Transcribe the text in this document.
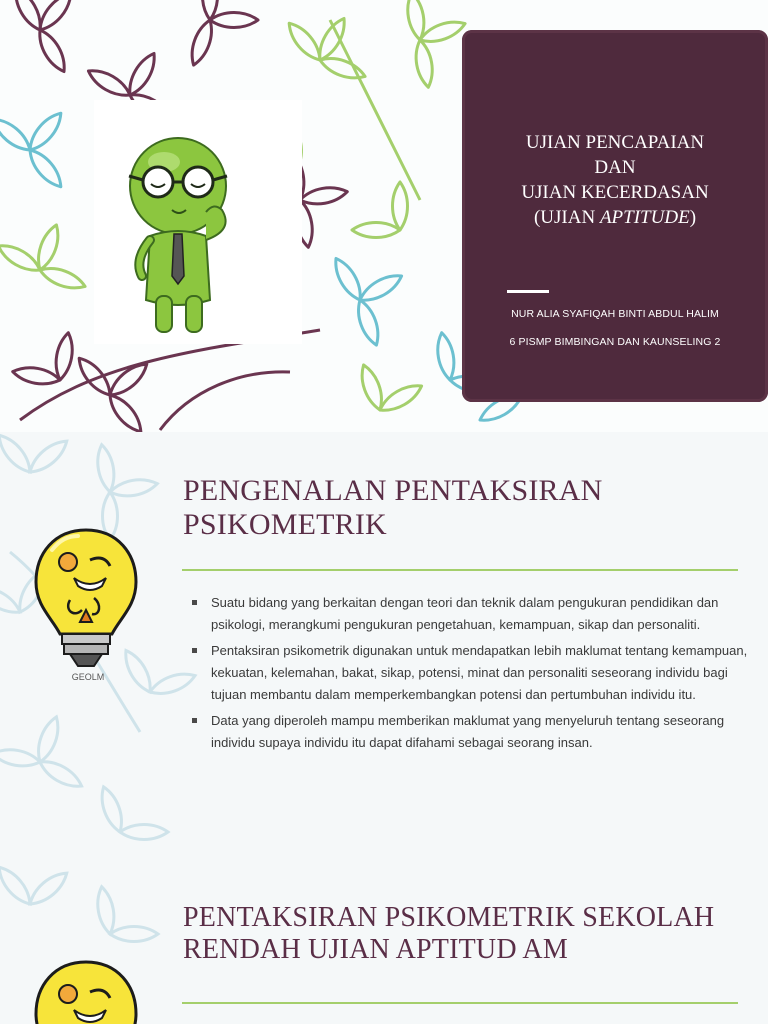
UJIAN PENCAPAIAN
DAN
UJIAN KECERDASAN
(UJIAN APTITUDE)
NUR ALIA SYAFIQAH BINTI ABDUL HALIM
6 PISMP BIMBINGAN DAN KAUNSELING 2
PENGENALAN PENTAKSIRAN
PSIKOMETRIK
GEOLM
Suatu bidang yang berkaitan dengan teori dan teknik dalam pengukuran pendidikan dan psikologi, merangkumi pengukuran pengetahuan, kemampuan, sikap dan personaliti.
Pentaksiran psikometrik digunakan untuk mendapatkan lebih maklumat tentang kemampuan, kekuatan, kelemahan, bakat, sikap, potensi, minat dan personaliti seseorang individu bagi tujuan membantu dalam memperkembangkan potensi dan pertumbuhan individu itu.
Data yang diperoleh mampu memberikan maklumat yang menyeluruh tentang seseorang individu supaya individu itu dapat difahami sebagai seorang insan.
PENTAKSIRAN PSIKOMETRIK SEKOLAH
RENDAH UJIAN APTITUD AM
